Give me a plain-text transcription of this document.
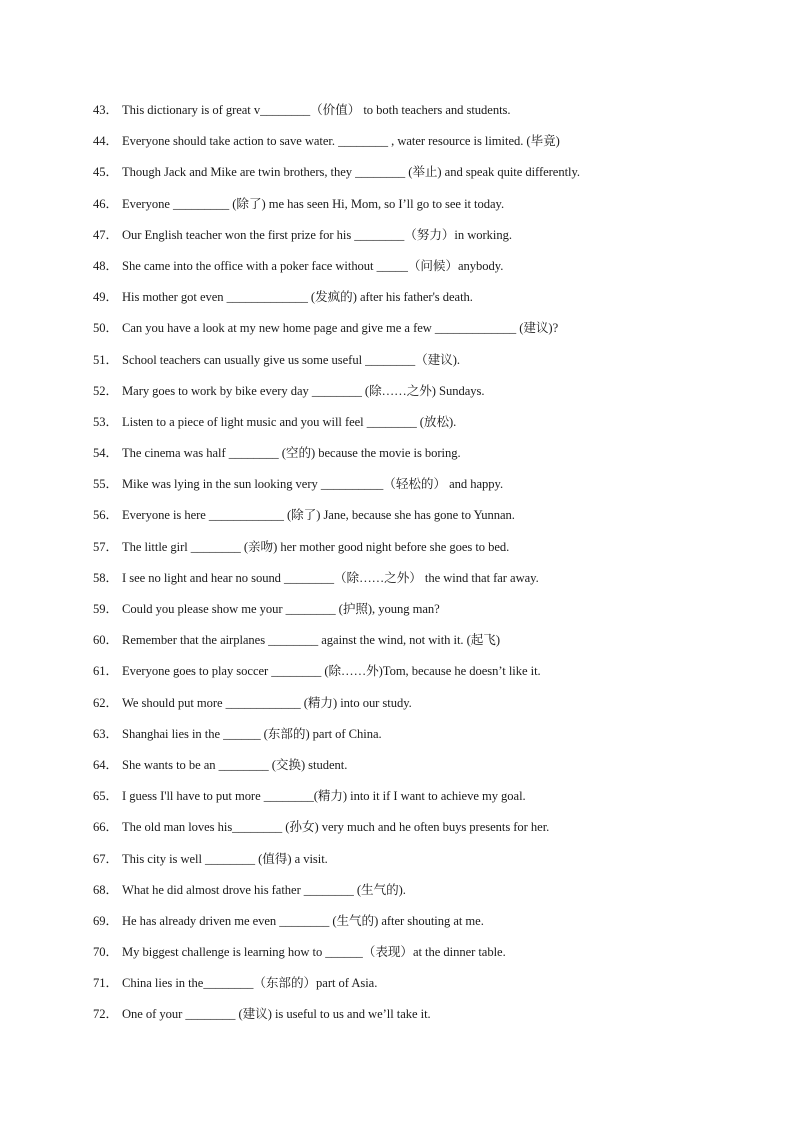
43． This dictionary is of great v________（价值） to both teachers and students.
44． Everyone should take action to save water. ________ , water resource is limited. (毕竟)
45． Though Jack and Mike are twin brothers, they ________ (举止) and speak quite differently.
46． Everyone _________ (除了) me has seen Hi, Mom, so I’ll go to see it today.
47． Our English teacher won the first prize for his ________（努力）in working.
48． She came into the office with a poker face without _____（问候）anybody.
49． His mother got even _____________ (发疯的) after his father's death.
50． Can you have a look at my new home page and give me a few _____________ (建议)?
51． School teachers can usually give us some useful ________（建议).
52． Mary goes to work by bike every day ________ (除……之外) Sundays.
53． Listen to a piece of light music and you will feel ________ (放松).
54． The cinema was half ________ (空的) because the movie is boring.
55． Mike was lying in the sun looking very __________（轻松的） and happy.
56． Everyone is here ____________ (除了) Jane, because she has gone to Yunnan.
57． The little girl ________ (亲吻) her mother good night before she goes to bed.
58． I see no light and hear no sound ________（除……之外） the wind that far away.
59． Could you please show me your ________ (护照), young man?
60． Remember that the airplanes ________ against the wind, not with it. (起飞)
61． Everyone goes to play soccer ________ (除……外)Tom, because he doesn’t like it.
62． We should put more ____________ (精力) into our study.
63． Shanghai lies in the ______ (东部的) part of China.
64． She wants to be an ________ (交换) student.
65． I guess I'll have to put more ________(精力) into it if I want to achieve my goal.
66． The old man loves his________ (孙女) very much and he often buys presents for her.
67． This city is well ________ (值得) a visit.
68． What he did almost drove his father ________ (生气的).
69． He has already driven me even ________ (生气的) after shouting at me.
70． My biggest challenge is learning how to ______（表现）at the dinner table.
71． China lies in the________（东部的）part of Asia.
72． One of your ________ (建议) is useful to us and we’ll take it.
